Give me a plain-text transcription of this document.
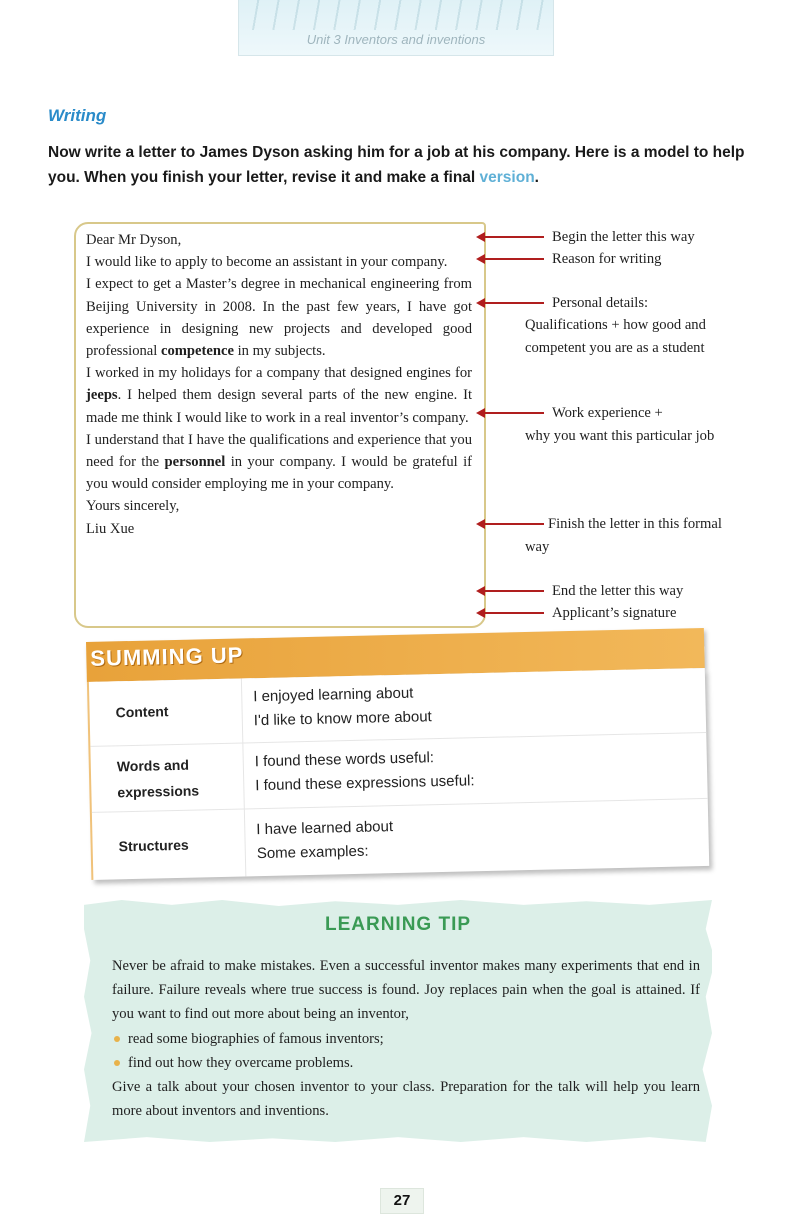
Unit 3 Inventors and inventions
Writing
Now write a letter to James Dyson asking him for a job at his company. Here is a model to help you. When you finish your letter, revise it and make a final version.

Dear Mr Dyson,

I would like to apply to become an assistant in your company.

I expect to get a Master’s degree in mechanical engineering from Beijing University in 2008. In the past few years, I have got experience in designing new projects and developed good professional competence in my subjects.

I worked in my holidays for a company that designed engines for jeeps. I helped them design several parts of the new engine. It made me think I would like to work in a real inventor’s company.

I understand that I have the qualifications and experience that you need for the personnel in your company. I would be grateful if you would consider employing me in your company.

Yours sincerely,

Liu Xue

Begin the letter this way
Reason for writing
Personal details:
Qualifications + how good and
competent you are as a student
Work experience +
why you want this particular job
Finish the letter in this formal
way
End the letter this way
Applicant’s signature
SUMMING UP
Content
I enjoyed learning about
I'd like to know more about
Words and
expressions
I found these words useful:
I found these expressions useful:
Structures
I have learned about
Some examples:
LEARNING TIP

Never be afraid to make mistakes. Even a successful inventor makes many experiments that end in failure. Failure reveals where true success is found. Joy replaces pain when the goal is attained. If you want to find out more about being an inventor,

read some biographies of famous inventors;

find out how they overcame problems.

Give a talk about your chosen inventor to your class. Preparation for the talk will help you learn more about inventors and inventions.

27
